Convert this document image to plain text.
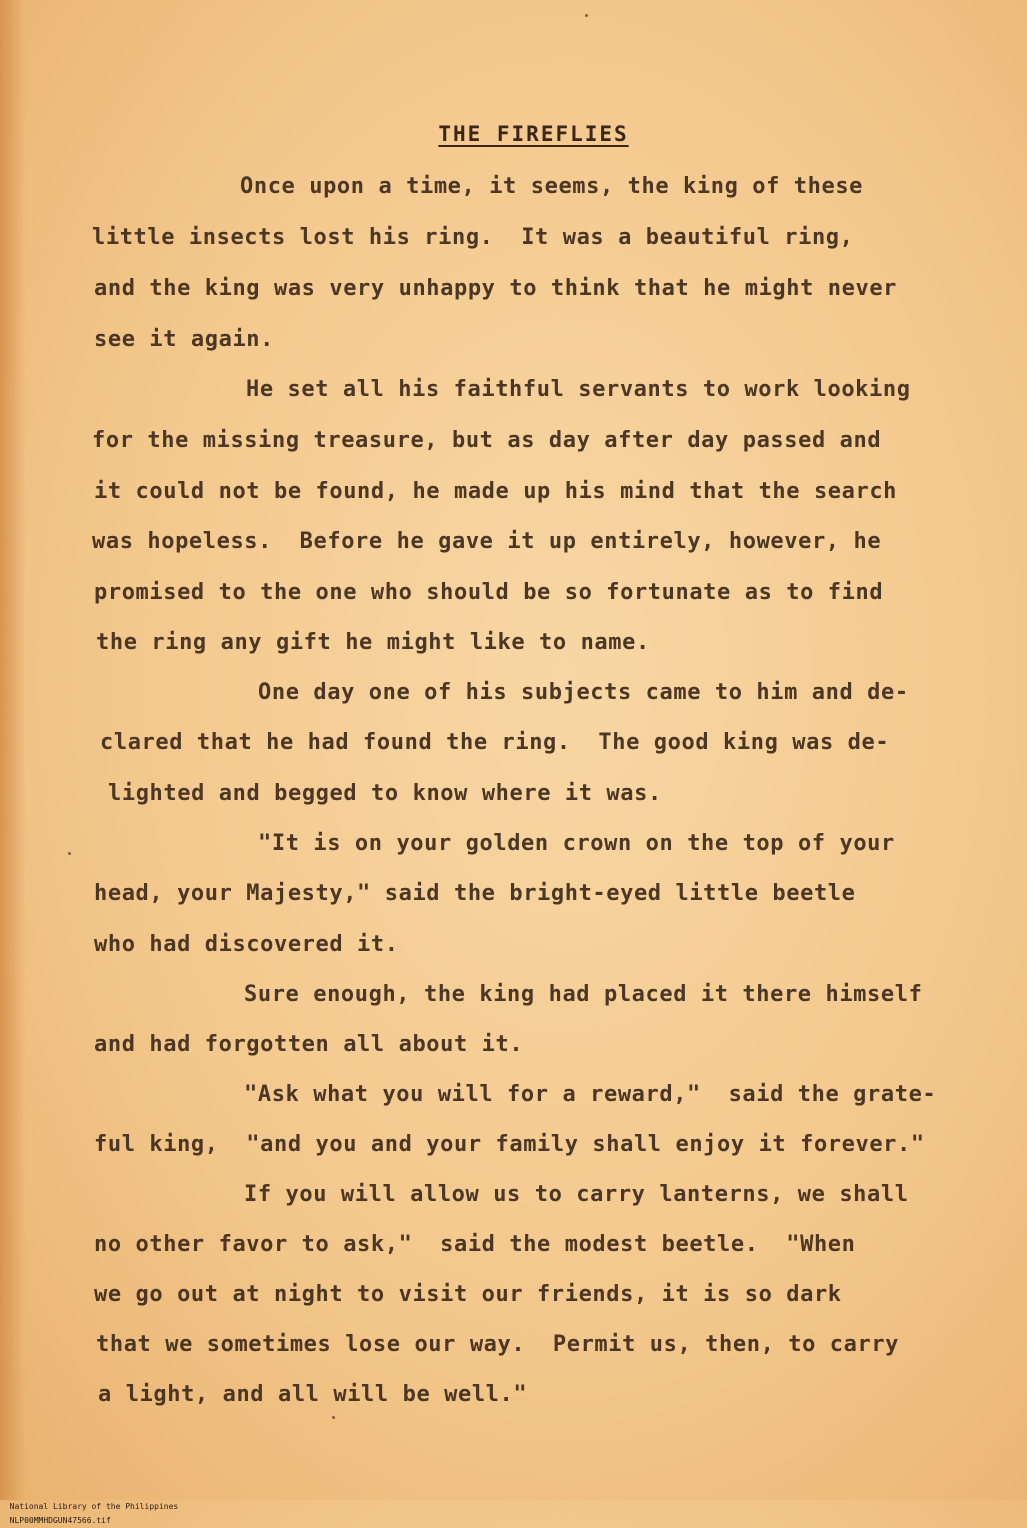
THE FIREFLIES

Once upon a time, it seems, the king of these

little insects lost his ring.  It was a beautiful ring,

and the king was very unhappy to think that he might never

see it again.

He set all his faithful servants to work looking

for the missing treasure, but as day after day passed and

it could not be found, he made up his mind that the search

was hopeless.  Before he gave it up entirely, however, he

promised to the one who should be so fortunate as to find

the ring any gift he might like to name.

One day one of his subjects came to him and de-

clared that he had found the ring.  The good king was de-

lighted and begged to know where it was.

"It is on your golden crown on the top of your

head, your Majesty," said the bright-eyed little beetle

who had discovered it.

Sure enough, the king had placed it there himself

and had forgotten all about it.

"Ask what you will for a reward,"  said the grate-

ful king,  "and you and your family shall enjoy it forever."

If you will allow us to carry lanterns, we shall

no other favor to ask,"  said the modest beetle.  "When

we go out at night to visit our friends, it is so dark

that we sometimes lose our way.  Permit us, then, to carry

a light, and all will be well."

National Library of the Philippines
NLP00MMHDGUN47566.tif
